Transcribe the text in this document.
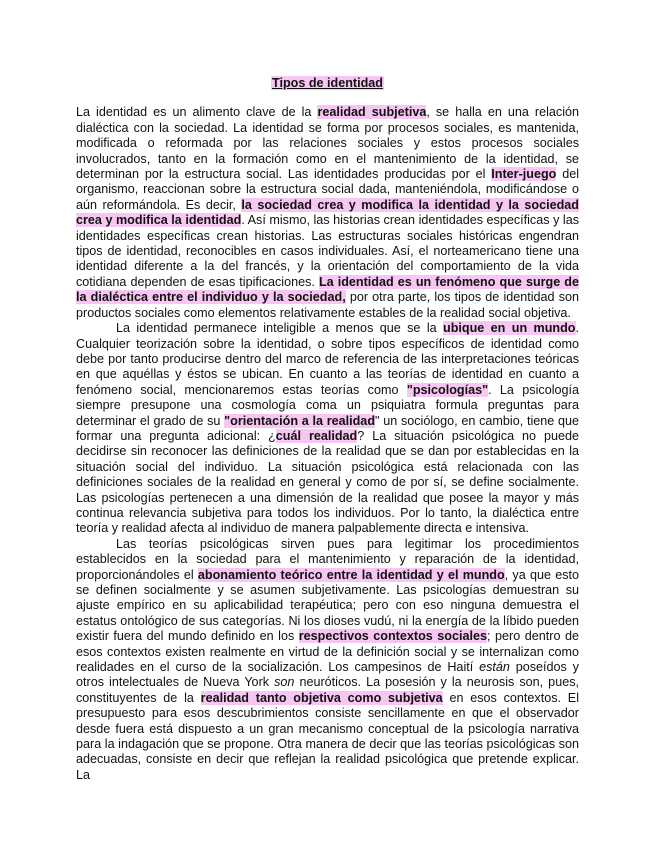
Tipos de identidad

La identidad es un alimento clave de la realidad subjetiva, se halla en una relación dialéctica con la sociedad. La identidad se forma por procesos sociales, es mantenida, modificada o reformada por las relaciones sociales y estos procesos sociales involucrados, tanto en la formación como en el mantenimiento de la identidad, se determinan por la estructura social. Las identidades producidas por el Inter-juego del organismo, reaccionan sobre la estructura social dada, manteniéndola, modificándose o aún reformándola. Es decir, la sociedad crea y modifica la identidad y la sociedad crea y modifica la identidad. Así mismo, las historias crean identidades específicas y las identidades específicas crean historias. Las estructuras sociales históricas engendran tipos de identidad, reconocibles en casos individuales. Así, el norteamericano tiene una identidad diferente a la del francés, y la orientación del comportamiento de la vida cotidiana dependen de esas tipificaciones. La identidad es un fenómeno que surge de la dialéctica entre el individuo y la sociedad, por otra parte, los tipos de identidad son productos sociales como elementos relativamente estables de la realidad social objetiva.

La identidad permanece inteligible a menos que se la ubique en un mundo. Cualquier teorización sobre la identidad, o sobre tipos específicos de identidad como debe por tanto producirse dentro del marco de referencia de las interpretaciones teóricas en que aquéllas y éstos se ubican. En cuanto a las teorías de identidad en cuanto a fenómeno social, mencionaremos estas teorías como "psicologías". La psicología siempre presupone una cosmología coma un psiquiatra formula preguntas para determinar el grado de su "orientación a la realidad" un sociólogo, en cambio, tiene que formar una pregunta adicional: ¿cuál realidad? La situación psicológica no puede decidirse sin reconocer las definiciones de la realidad que se dan por establecidas en la situación social del individuo. La situación psicológica está relacionada con las definiciones sociales de la realidad en general y como de por sí, se define socialmente. Las psicologías pertenecen a una dimensión de la realidad que posee la mayor y más continua relevancia subjetiva para todos los individuos. Por lo tanto, la dialéctica entre teoría y realidad afecta al individuo de manera palpablemente directa e intensiva.

Las teorías psicológicas sirven pues para legitimar los procedimientos establecidos en la sociedad para el mantenimiento y reparación de la identidad, proporcionándoles el abonamiento teórico entre la identidad y el mundo, ya que esto se definen socialmente y se asumen subjetivamente. Las psicologías demuestran su ajuste empírico en su aplicabilidad terapéutica; pero con eso ninguna demuestra el estatus ontológico de sus categorías. Ni los dioses vudú, ni la energía de la líbido pueden existir fuera del mundo definido en los respectivos contextos sociales; pero dentro de esos contextos existen realmente en virtud de la definición social y se internalizan como realidades en el curso de la socialización. Los campesinos de Haití están poseídos y otros intelectuales de Nueva York son neuróticos. La posesión y la neurosis son, pues, constituyentes de la realidad tanto objetiva como subjetiva en esos contextos. El presupuesto para esos descubrimientos consiste sencillamente en que el observador desde fuera está dispuesto a un gran mecanismo conceptual de la psicología narrativa para la indagación que se propone. Otra manera de decir que las teorías psicológicas son adecuadas, consiste en decir que reflejan la realidad psicológica que pretende explicar. La
